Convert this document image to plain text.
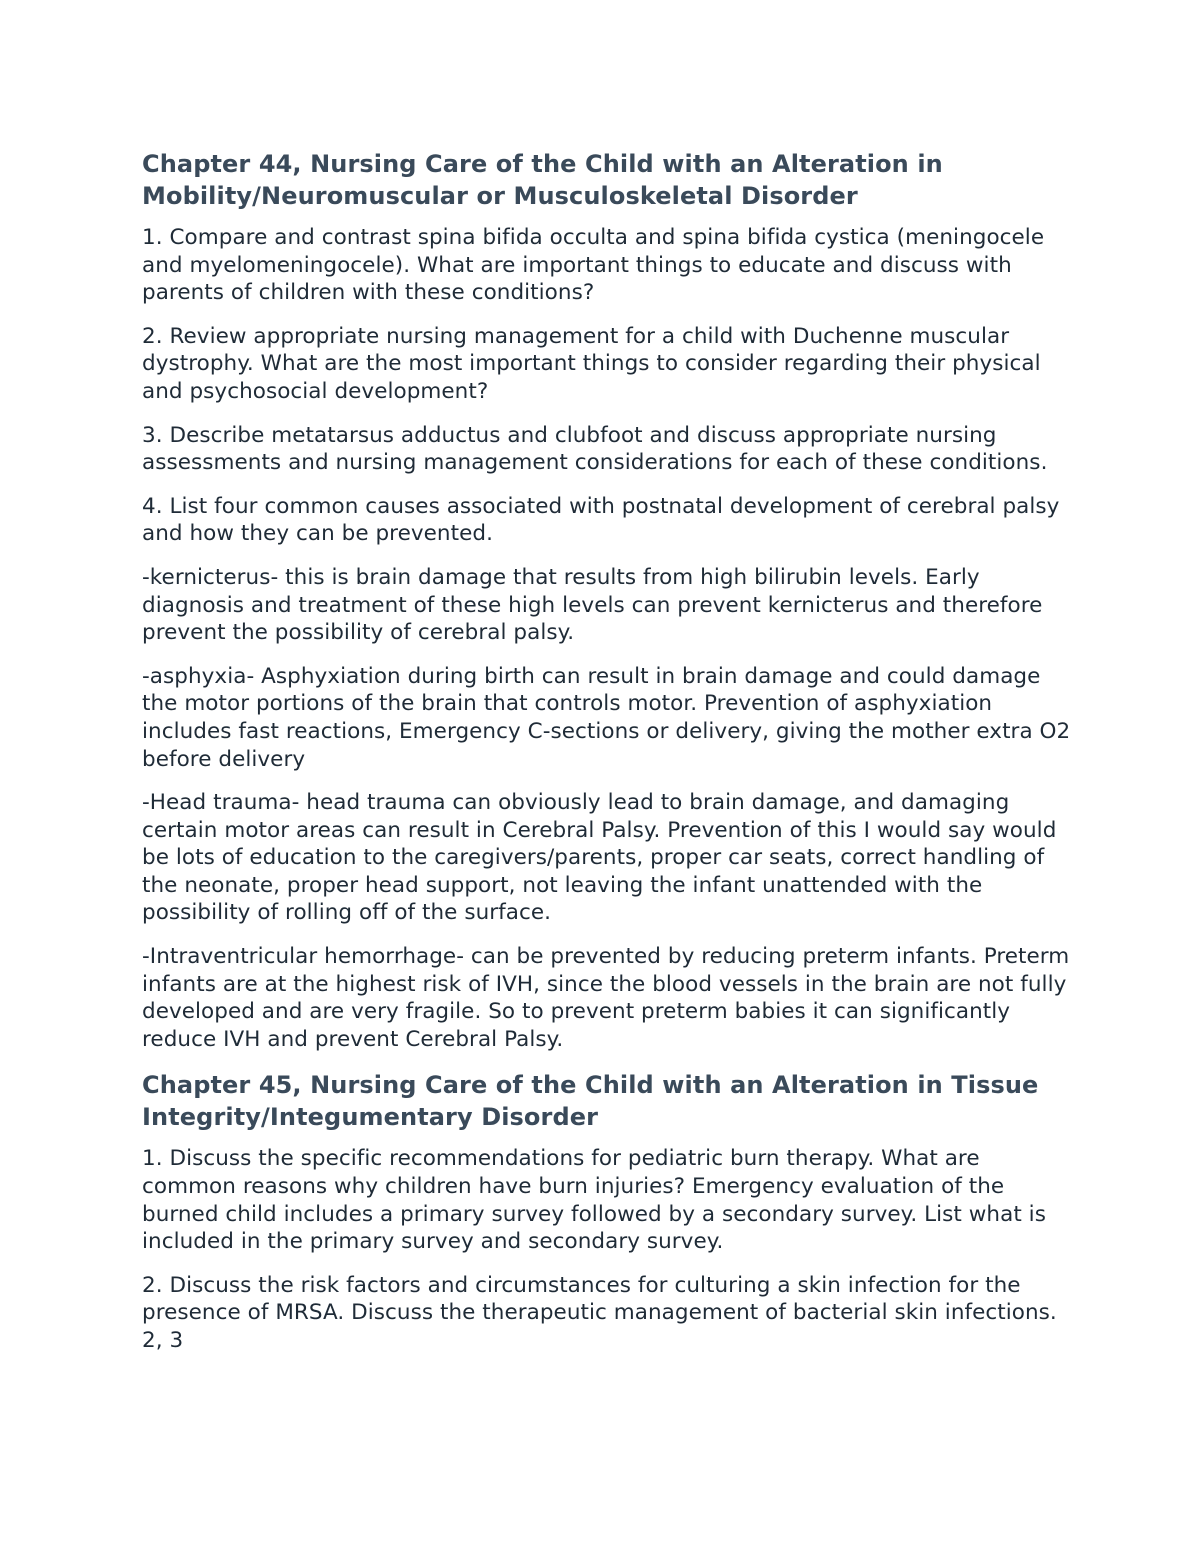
Chapter 44, Nursing Care of the Child with an Alteration in Mobility/Neuromuscular or Musculoskeletal Disorder

1. Compare and contrast spina bifida occulta and spina bifida cystica (meningocele and myelomeningocele). What are important things to educate and discuss with parents of children with these conditions?

2. Review appropriate nursing management for a child with Duchenne muscular dystrophy. What are the most important things to consider regarding their physical and psychosocial development?

3. Describe metatarsus adductus and clubfoot and discuss appropriate nursing assessments and nursing management considerations for each of these conditions.

4. List four common causes associated with postnatal development of cerebral palsy and how they can be prevented.

-kernicterus- this is brain damage that results from high bilirubin levels. Early diagnosis and treatment of these high levels can prevent kernicterus and therefore prevent the possibility of cerebral palsy.

-asphyxia- Asphyxiation during birth can result in brain damage and could damage the motor portions of the brain that controls motor. Prevention of asphyxiation includes fast reactions, Emergency C-sections or delivery, giving the mother extra O2 before delivery

-Head trauma- head trauma can obviously lead to brain damage, and damaging certain motor areas can result in Cerebral Palsy. Prevention of this I would say would be lots of education to the caregivers/parents, proper car seats, correct handling of the neonate, proper head support, not leaving the infant unattended with the possibility of rolling off of the surface.

-Intraventricular hemorrhage- can be prevented by reducing preterm infants. Preterm infants are at the highest risk of IVH, since the blood vessels in the brain are not fully developed and are very fragile. So to prevent preterm babies it can significantly reduce IVH and prevent Cerebral Palsy.

Chapter 45, Nursing Care of the Child with an Alteration in Tissue Integrity/Integumentary Disorder

1. Discuss the specific recommendations for pediatric burn therapy. What are common reasons why children have burn injuries? Emergency evaluation of the burned child includes a primary survey followed by a secondary survey. List what is included in the primary survey and secondary survey.

2. Discuss the risk factors and circumstances for culturing a skin infection for the presence of MRSA. Discuss the therapeutic management of bacterial skin infections. 2, 3
